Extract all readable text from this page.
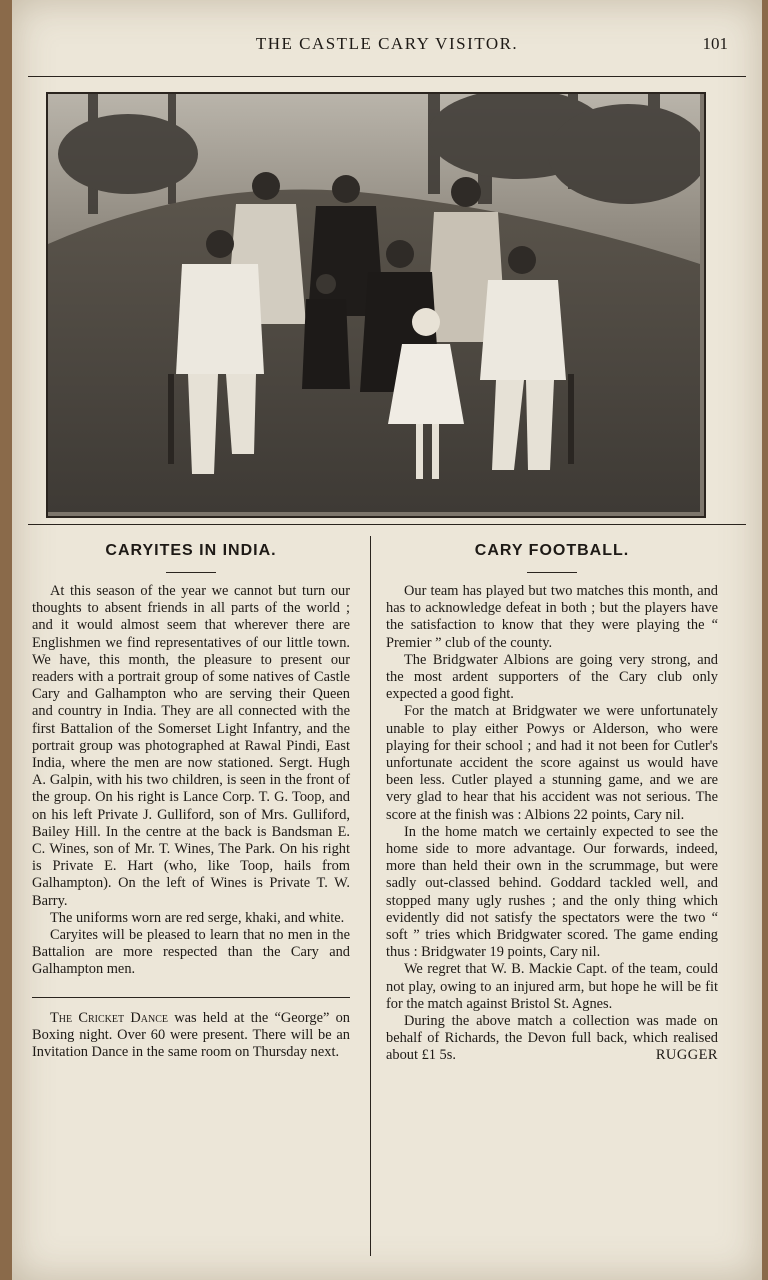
THE CASTLE CARY VISITOR.	101
CARYITES IN INDIA.

At this season of the year we cannot but turn our thoughts to absent friends in all parts of the world ; and it would almost seem that wherever there are Englishmen we find representatives of our little town. We have, this month, the pleasure to present our readers with a portrait group of some natives of Castle Cary and Galhampton who are serving their Queen and country in India. They are all connected with the first Battalion of the Somerset Light Infantry, and the portrait group was photographed at Rawal Pindi, East India, where the men are now stationed. Sergt. Hugh A. Galpin, with his two children, is seen in the front of the group. On his right is Lance Corp. T. G. Toop, and on his left Private J. Gulliford, son of Mrs. Gulliford, Bailey Hill. In the centre at the back is Bandsman E. C. Wines, son of Mr. T. Wines, The Park. On his right is Private E. Hart (who, like Toop, hails from Galhampton). On the left of Wines is Private T. W. Barry.

The uniforms worn are red serge, khaki, and white.

Caryites will be pleased to learn that no men in the Battalion are more respected than the Cary and Galhampton men.

The Cricket Dance was held at the “George” on Boxing night. Over 60 were present. There will be an Invitation Dance in the same room on Thursday next.

CARY FOOTBALL.

Our team has played but two matches this month, and has to acknowledge defeat in both ; but the players have the satisfaction to know that they were playing the “ Premier ” club of the county.

The Bridgwater Albions are going very strong, and the most ardent supporters of the Cary club only expected a good fight.

For the match at Bridgwater we were unfortunately unable to play either Powys or Alderson, who were playing for their school ; and had it not been for Cutler's unfortunate accident the score against us would have been less. Cutler played a stunning game, and we are very glad to hear that his accident was not serious. The score at the finish was : Albions 22 points, Cary nil.

In the home match we certainly expected to see the home side to more advantage. Our forwards, indeed, more than held their own in the scrummage, but were sadly out-classed behind. Goddard tackled well, and stopped many ugly rushes ; and the only thing which evidently did not satisfy the spectators were the two “ soft ” tries which Bridgwater scored. The game ending thus : Bridgwater 19 points, Cary nil.

We regret that W. B. Mackie Capt. of the team, could not play, owing to an injured arm, but hope he will be fit for the match against Bristol St. Agnes.

During the above match a collection was made on behalf of Richards, the Devon full back, which realised about £1 5s.	RUGGER
